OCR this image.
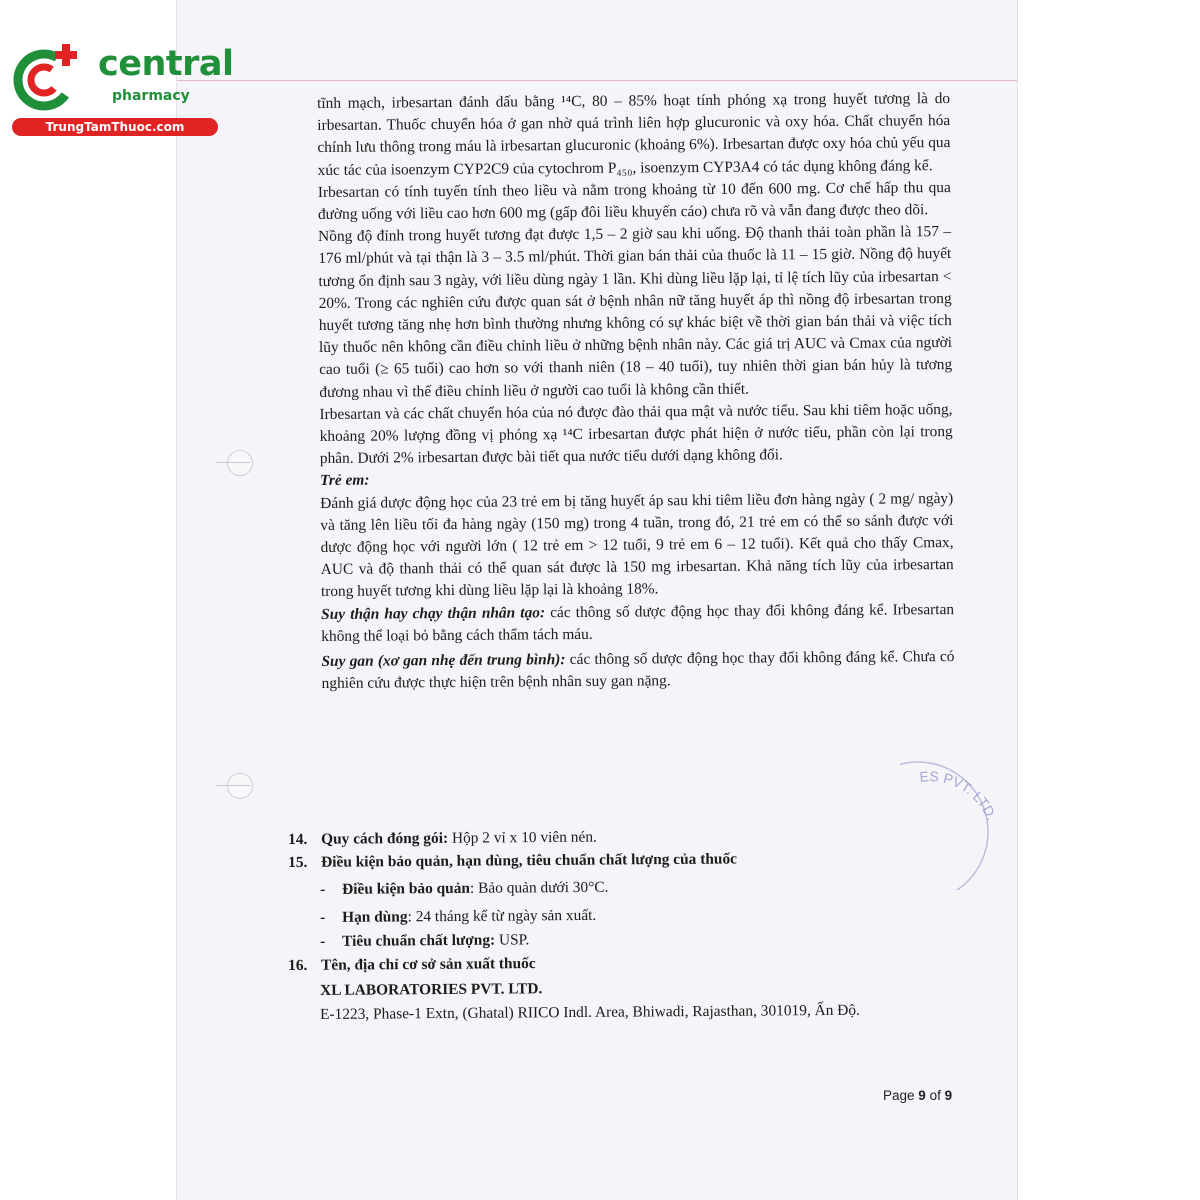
central
pharmacy
TrungTamThuoc.com

tĩnh mạch, irbesartan đánh dấu bằng ¹⁴C, 80 – 85% hoạt tính phóng xạ trong huyết tương là do irbesartan. Thuốc chuyển hóa ở gan nhờ quá trình liên hợp glucuronic và oxy hóa. Chất chuyển hóa chính lưu thông trong máu là irbesartan glucuronic (khoảng 6%). Irbesartan được oxy hóa chủ yếu qua xúc tác của isoenzym CYP2C9 của cytochrom P₄₅₀, isoenzym CYP3A4 có tác dụng không đáng kể.

Irbesartan có tính tuyến tính theo liều và nằm trong khoảng từ 10 đến 600 mg. Cơ chế hấp thu qua đường uống với liều cao hơn 600 mg (gấp đôi liều khuyến cáo) chưa rõ và vẫn đang được theo dõi.

Nồng độ đỉnh trong huyết tương đạt được 1,5 – 2 giờ sau khi uống. Độ thanh thải toàn phần là 157 – 176 ml/phút và tại thận là 3 – 3.5 ml/phút. Thời gian bán thải của thuốc là 11 – 15 giờ. Nồng độ huyết tương ổn định sau 3 ngày, với liều dùng ngày 1 lần. Khi dùng liều lặp lại, tỉ lệ tích lũy của irbesartan < 20%. Trong các nghiên cứu được quan sát ở bệnh nhân nữ tăng huyết áp thì nồng độ irbesartan trong huyết tương tăng nhẹ hơn bình thường nhưng không có sự khác biệt về thời gian bán thải và việc tích lũy thuốc nên không cần điều chỉnh liều ở những bệnh nhân này. Các giá trị AUC và Cmax của người cao tuổi (≥ 65 tuổi) cao hơn so với thanh niên (18 – 40 tuổi), tuy nhiên thời gian bán hủy là tương đương nhau vì thế điều chỉnh liều ở người cao tuổi là không cần thiết.

Irbesartan và các chất chuyển hóa của nó được đào thải qua mật và nước tiểu. Sau khi tiêm hoặc uống, khoảng 20% lượng đồng vị phóng xạ ¹⁴C irbesartan được phát hiện ở nước tiểu, phần còn lại trong phân. Dưới 2% irbesartan được bài tiết qua nước tiểu dưới dạng không đổi.

Trẻ em:

Đánh giá dược động học của 23 trẻ em bị tăng huyết áp sau khi tiêm liều đơn hàng ngày ( 2 mg/ ngày) và tăng lên liều tối đa hàng ngày (150 mg) trong 4 tuần, trong đó, 21 trẻ em có thể so sánh được với dược động học với người lớn ( 12 trẻ em > 12 tuổi, 9 trẻ em 6 – 12 tuổi). Kết quả cho thấy Cmax, AUC và độ thanh thải có thể quan sát được là 150 mg irbesartan. Khả năng tích lũy của irbesartan trong huyết tương khi dùng liều lặp lại là khoảng 18%.

Suy thận hay chạy thận nhân tạo: các thông số dược động học thay đổi không đáng kể. Irbesartan không thể loại bỏ bằng cách thẩm tách máu.

Suy gan (xơ gan nhẹ đến trung bình): các thông số dược động học thay đổi không đáng kể. Chưa có nghiên cứu được thực hiện trên bệnh nhân suy gan nặng.

14. Quy cách đóng gói: Hộp 2 vỉ x 10 viên nén.
15. Điều kiện bảo quản, hạn dùng, tiêu chuẩn chất lượng của thuốc
- Điều kiện bảo quản: Bảo quản dưới 30°C.
- Hạn dùng: 24 tháng kể từ ngày sản xuất.
- Tiêu chuẩn chất lượng: USP.
16. Tên, địa chỉ cơ sở sản xuất thuốc
XL LABORATORIES PVT. LTD.
E-1223, Phase-1 Extn, (Ghatal) RIICO Indl. Area, Bhiwadi, Rajasthan, 301019, Ấn Độ.
ES PVT. LTD.
Page 9 of 9
